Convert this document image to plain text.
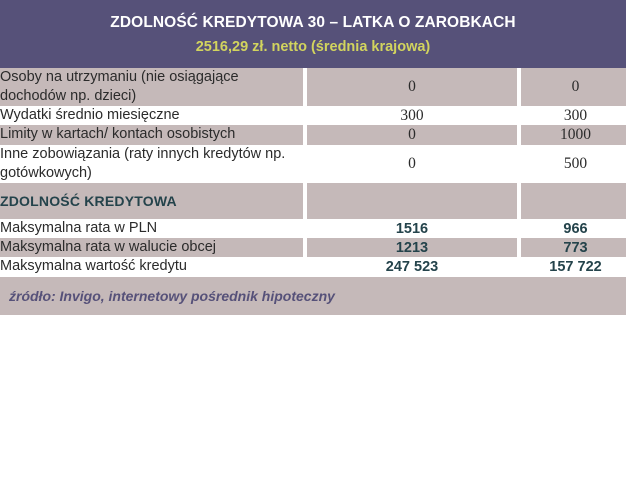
ZDOLNOŚĆ KREDYTOWA 30 – LATKA O ZAROBKACH
2516,29 zł. netto (średnia krajowa)
Osoby na utrzymaniu (nie osiągające dochodów np. dzieci)		0		0
Wydatki średnio miesięczne		300		300
Limity w kartach/ kontach osobistych		0		1000
Inne zobowiązania (raty innych kredytów np. gotówkowych)		0		500
ZDOLNOŚĆ KREDYTOWA				
Maksymalna rata w PLN		1516		966
Maksymalna rata w walucie obcej		1213		773
Maksymalna wartość kredytu		247 523		157 722
źródło: Invigo, internetowy pośrednik hipoteczny
